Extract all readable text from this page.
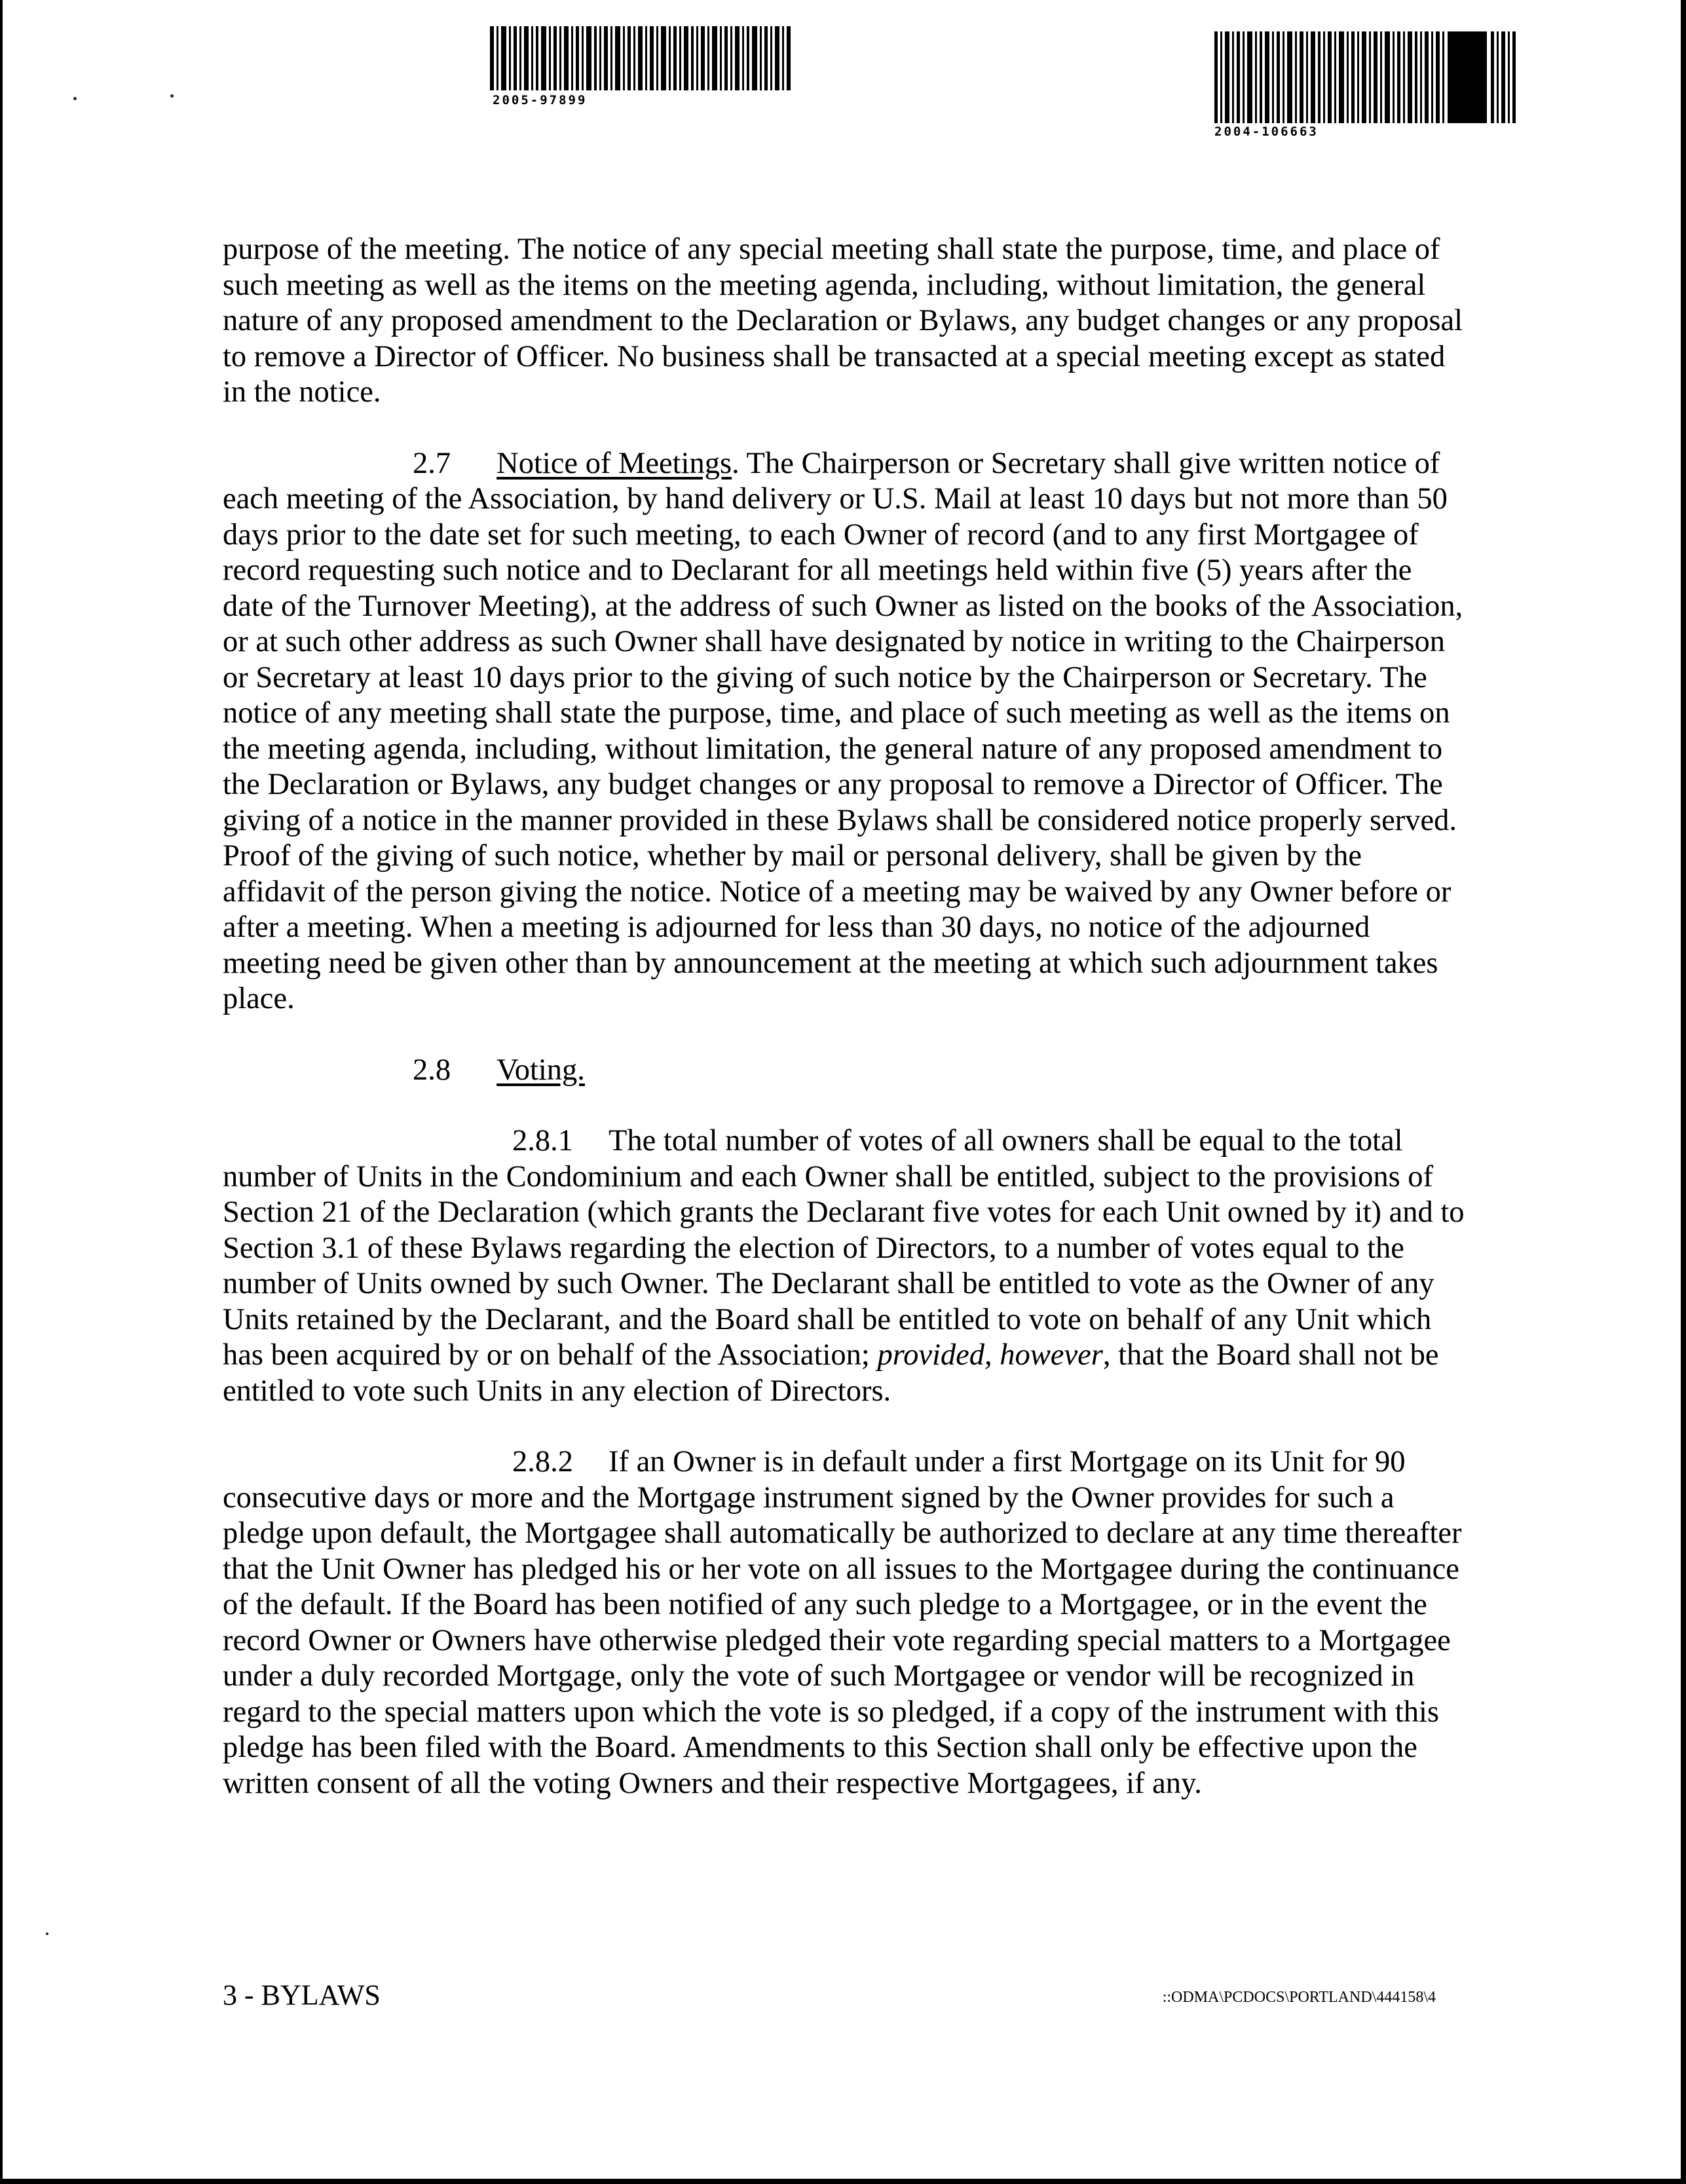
2005-97899
2004-106663

purpose of the meeting. The notice of any special meeting shall state the purpose, time, and place of such meeting as well as the items on the meeting agenda, including, without limitation, the general nature of any proposed amendment to the Declaration or Bylaws, any budget changes or any proposal to remove a Director of Officer. No business shall be transacted at a special meeting except as stated in the notice.

2.7 Notice of Meetings. The Chairperson or Secretary shall give written notice of each meeting of the Association, by hand delivery or U.S. Mail at least 10 days but not more than 50 days prior to the date set for such meeting, to each Owner of record (and to any first Mortgagee of record requesting such notice and to Declarant for all meetings held within five (5) years after the date of the Turnover Meeting), at the address of such Owner as listed on the books of the Association, or at such other address as such Owner shall have designated by notice in writing to the Chairperson or Secretary at least 10 days prior to the giving of such notice by the Chairperson or Secretary. The notice of any meeting shall state the purpose, time, and place of such meeting as well as the items on the meeting agenda, including, without limitation, the general nature of any proposed amendment to the Declaration or Bylaws, any budget changes or any proposal to remove a Director of Officer. The giving of a notice in the manner provided in these Bylaws shall be considered notice properly served. Proof of the giving of such notice, whether by mail or personal delivery, shall be given by the affidavit of the person giving the notice. Notice of a meeting may be waived by any Owner before or after a meeting. When a meeting is adjourned for less than 30 days, no notice of the adjourned meeting need be given other than by announcement at the meeting at which such adjournment takes place.

2.8 Voting.

2.8.1 The total number of votes of all owners shall be equal to the total number of Units in the Condominium and each Owner shall be entitled, subject to the provisions of Section 21 of the Declaration (which grants the Declarant five votes for each Unit owned by it) and to Section 3.1 of these Bylaws regarding the election of Directors, to a number of votes equal to the number of Units owned by such Owner. The Declarant shall be entitled to vote as the Owner of any Units retained by the Declarant, and the Board shall be entitled to vote on behalf of any Unit which has been acquired by or on behalf of the Association; provided, however, that the Board shall not be entitled to vote such Units in any election of Directors.

2.8.2 If an Owner is in default under a first Mortgage on its Unit for 90 consecutive days or more and the Mortgage instrument signed by the Owner provides for such a pledge upon default, the Mortgagee shall automatically be authorized to declare at any time thereafter that the Unit Owner has pledged his or her vote on all issues to the Mortgagee during the continuance of the default. If the Board has been notified of any such pledge to a Mortgagee, or in the event the record Owner or Owners have otherwise pledged their vote regarding special matters to a Mortgagee under a duly recorded Mortgage, only the vote of such Mortgagee or vendor will be recognized in regard to the special matters upon which the vote is so pledged, if a copy of the instrument with this pledge has been filed with the Board. Amendments to this Section shall only be effective upon the written consent of all the voting Owners and their respective Mortgagees, if any.

3 - BYLAWS	::ODMA\PCDOCS\PORTLAND\444158\4
